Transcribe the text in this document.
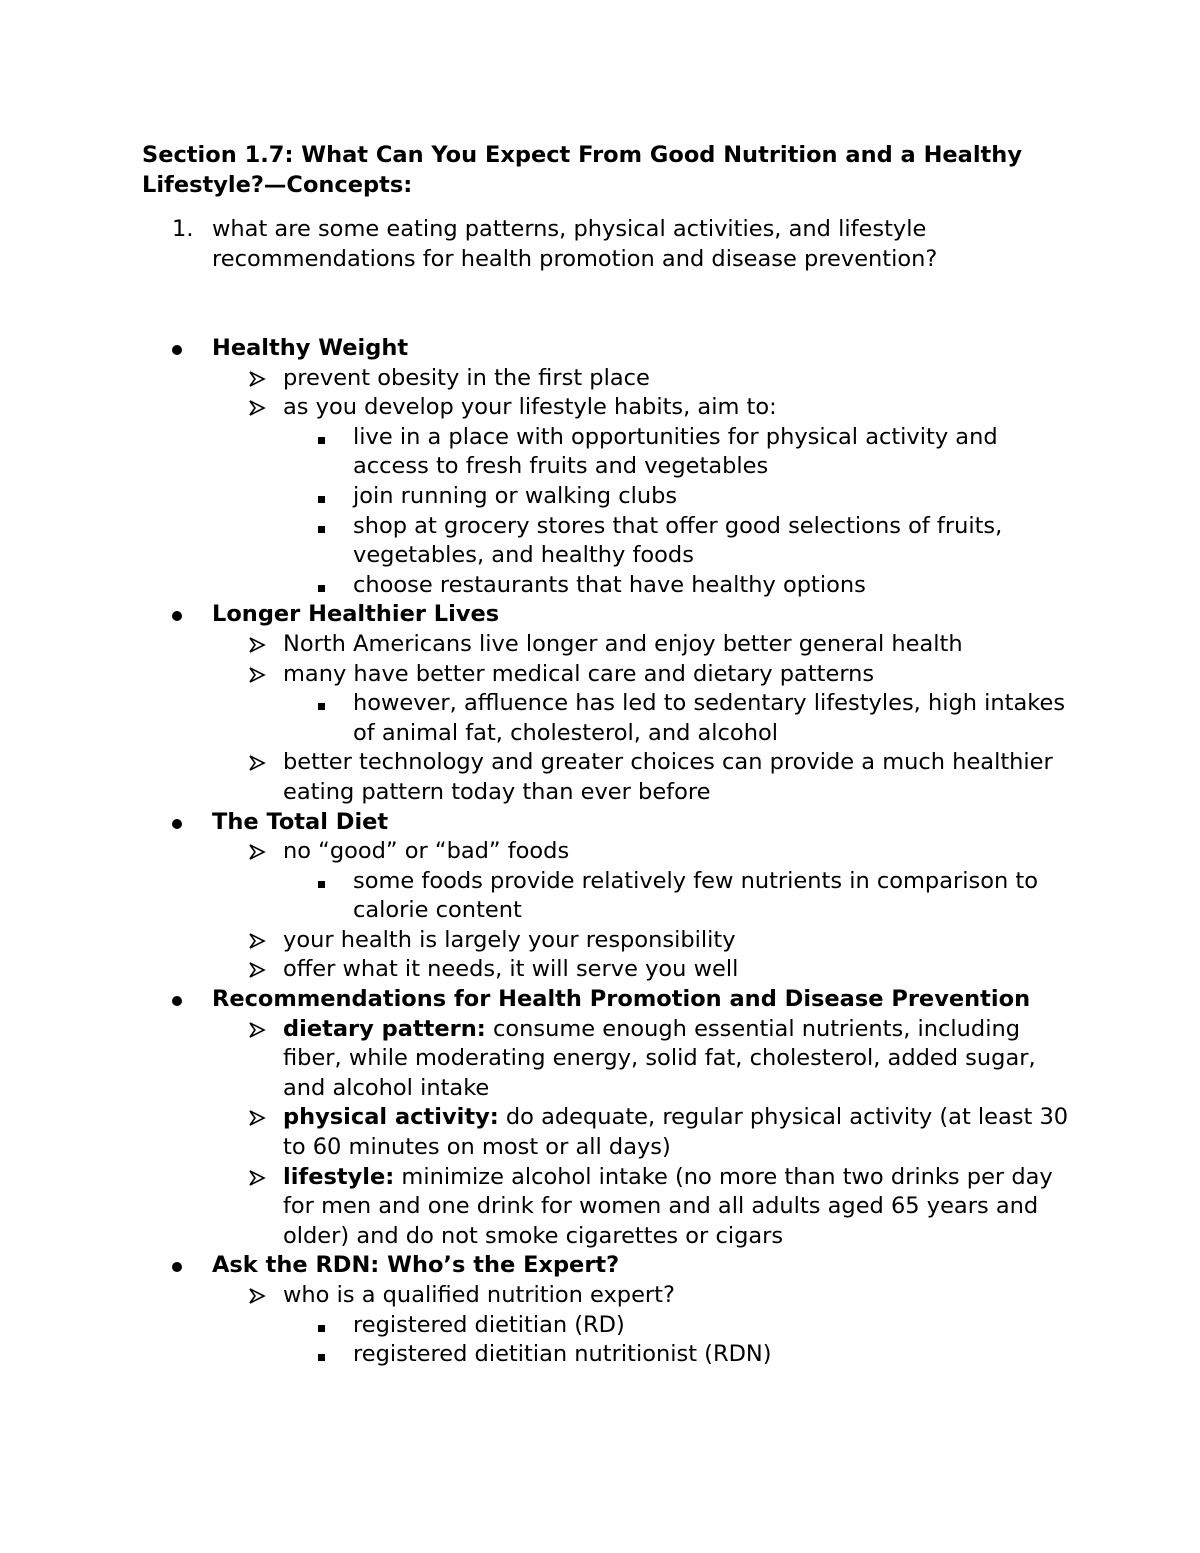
Section 1.7: What Can You Expect From Good Nutrition and a Healthy Lifestyle?—Concepts:
1. what are some eating patterns, physical activities, and lifestyle recommendations for health promotion and disease prevention?
Healthy Weight
prevent obesity in the first place
as you develop your lifestyle habits, aim to:
live in a place with opportunities for physical activity and access to fresh fruits and vegetables
join running or walking clubs
shop at grocery stores that offer good selections of fruits, vegetables, and healthy foods
choose restaurants that have healthy options
Longer Healthier Lives
North Americans live longer and enjoy better general health
many have better medical care and dietary patterns
however, affluence has led to sedentary lifestyles, high intakes of animal fat, cholesterol, and alcohol
better technology and greater choices can provide a much healthier eating pattern today than ever before
The Total Diet
no “good” or “bad” foods
some foods provide relatively few nutrients in comparison to calorie content
your health is largely your responsibility
offer what it needs, it will serve you well
Recommendations for Health Promotion and Disease Prevention
dietary pattern: consume enough essential nutrients, including fiber, while moderating energy, solid fat, cholesterol, added sugar, and alcohol intake
physical activity: do adequate, regular physical activity (at least 30 to 60 minutes on most or all days)
lifestyle: minimize alcohol intake (no more than two drinks per day for men and one drink for women and all adults aged 65 years and older) and do not smoke cigarettes or cigars
Ask the RDN: Who’s the Expert?
who is a qualified nutrition expert?
registered dietitian (RD)
registered dietitian nutritionist (RDN)
